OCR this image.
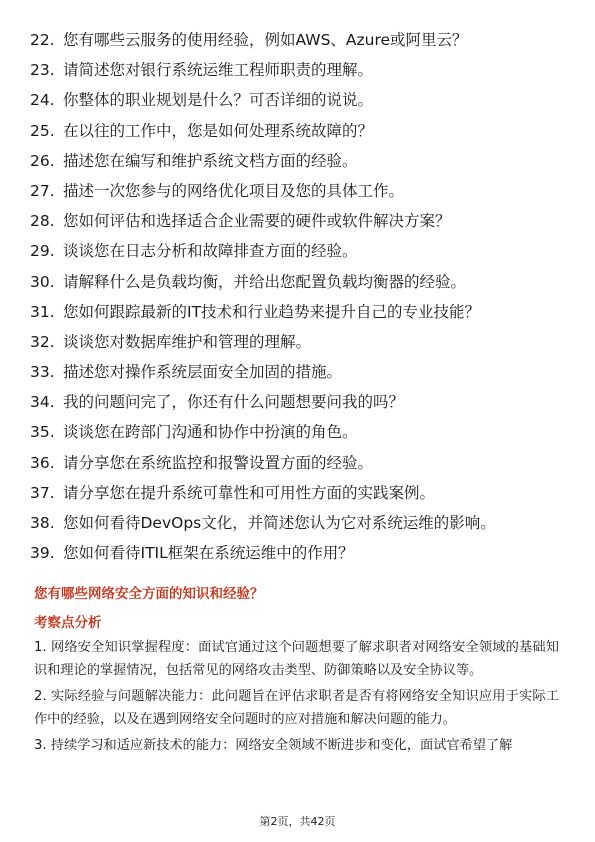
22. 您有哪些云服务的使用经验，例如AWS、Azure或阿里云？
23. 请简述您对银行系统运维工程师职责的理解。
24. 你整体的职业规划是什么？可否详细的说说。
25. 在以往的工作中，您是如何处理系统故障的？
26. 描述您在编写和维护系统文档方面的经验。
27. 描述一次您参与的网络优化项目及您的具体工作。
28. 您如何评估和选择适合企业需要的硬件或软件解决方案？
29. 谈谈您在日志分析和故障排查方面的经验。
30. 请解释什么是负载均衡，并给出您配置负载均衡器的经验。
31. 您如何跟踪最新的IT技术和行业趋势来提升自己的专业技能？
32. 谈谈您对数据库维护和管理的理解。
33. 描述您对操作系统层面安全加固的措施。
34. 我的问题问完了，你还有什么问题想要问我的吗？
35. 谈谈您在跨部门沟通和协作中扮演的角色。
36. 请分享您在系统监控和报警设置方面的经验。
37. 请分享您在提升系统可靠性和可用性方面的实践案例。
38. 您如何看待DevOps文化，并简述您认为它对系统运维的影响。
39. 您如何看待ITIL框架在系统运维中的作用？
您有哪些网络安全方面的知识和经验？
考察点分析

1. 网络安全知识掌握程度：面试官通过这个问题想要了解求职者对网络安全领域的基础知识和理论的掌握情况，包括常见的网络攻击类型、防御策略以及安全协议等。

2. 实际经验与问题解决能力：此问题旨在评估求职者是否有将网络安全知识应用于实际工作中的经验，以及在遇到网络安全问题时的应对措施和解决问题的能力。

3. 持续学习和适应新技术的能力：网络安全领域不断进步和变化，面试官希望了解

第2页，共42页
